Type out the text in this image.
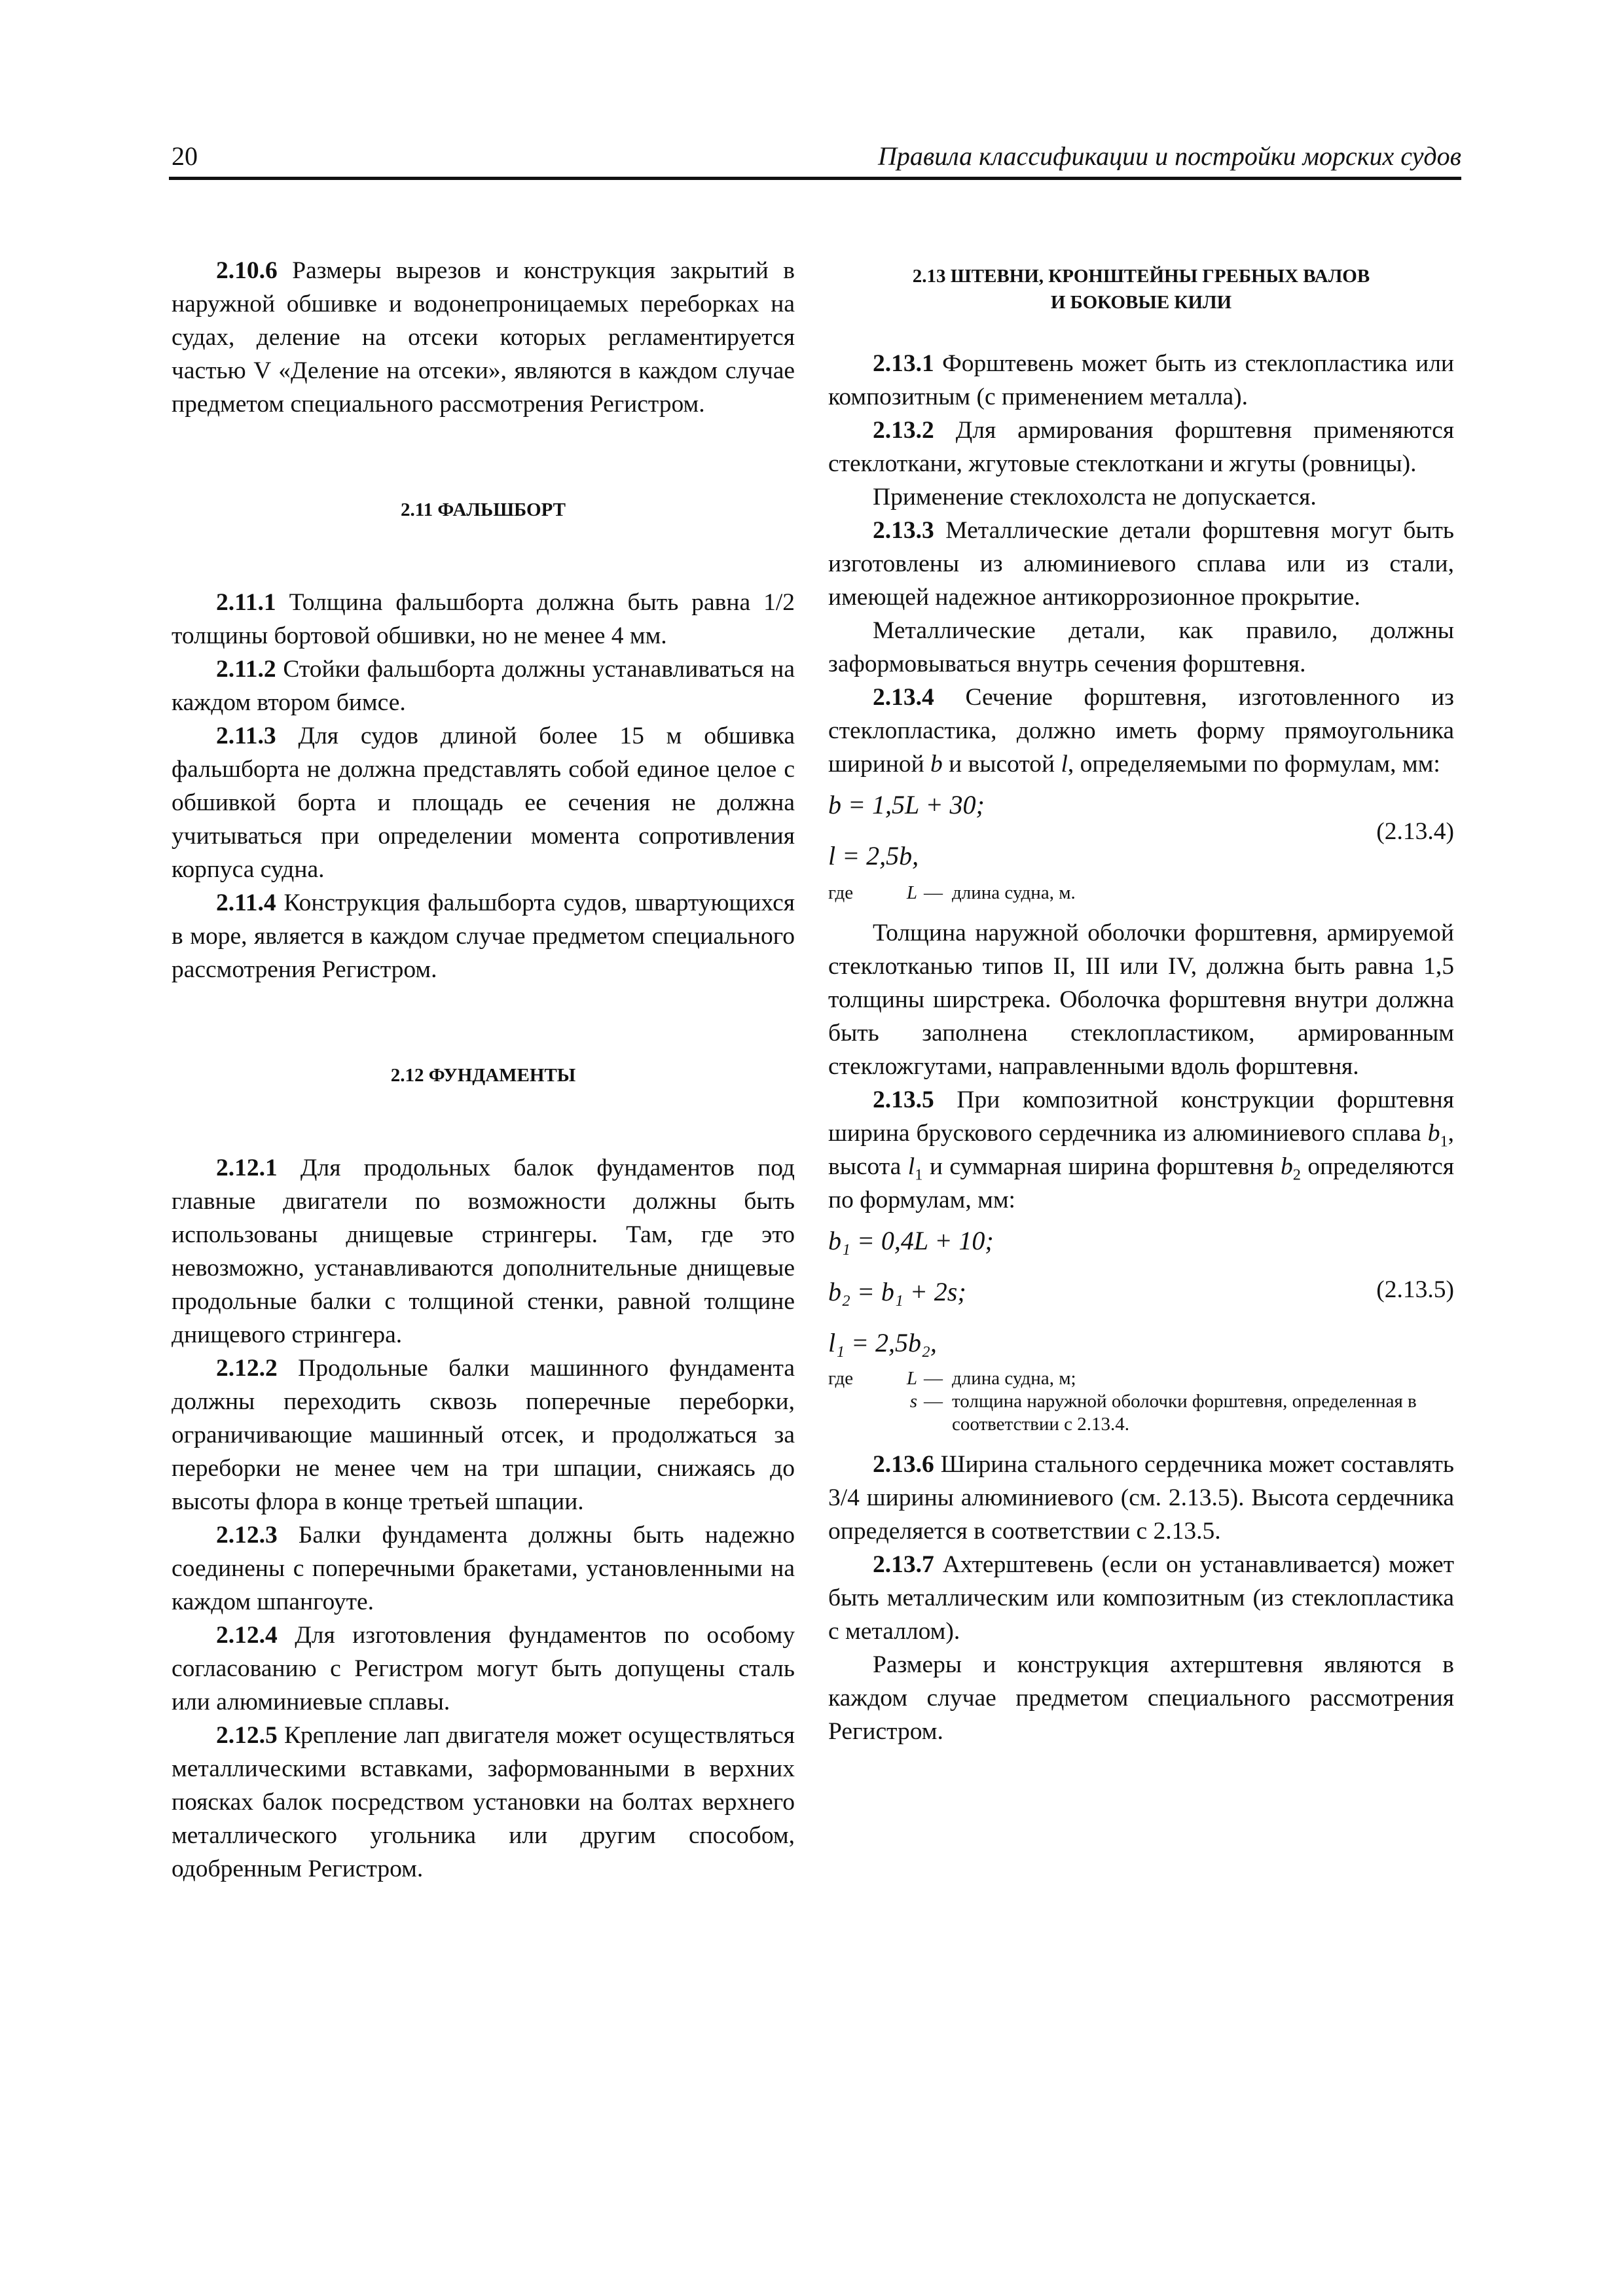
20	Правила классификации и постройки морских судов

2.10.6 Размеры вырезов и конструкция закрытий в наружной обшивке и водонепроницаемых переборках на судах, деление на отсеки которых регламентируется частью V «Деление на отсеки», являются в каждом случае предметом специального рассмотрения Регистром.

2.11 ФАЛЬШБОРТ

2.11.1 Толщина фальшборта должна быть равна 1/2 толщины бортовой обшивки, но не менее 4 мм.

2.11.2 Стойки фальшборта должны устанавливаться на каждом втором бимсе.

2.11.3 Для судов длиной более 15 м обшивка фальшборта не должна представлять собой единое целое с обшивкой борта и площадь ее сечения не должна учитываться при определении момента сопротивления корпуса судна.

2.11.4 Конструкция фальшборта судов, швартующихся в море, является в каждом случае предметом специального рассмотрения Регистром.

2.12 ФУНДАМЕНТЫ

2.12.1 Для продольных балок фундаментов под главные двигатели по возможности должны быть использованы днищевые стрингеры. Там, где это невозможно, устанавливаются дополнительные днищевые продольные балки с толщиной стенки, равной толщине днищевого стрингера.

2.12.2 Продольные балки машинного фундамента должны переходить сквозь поперечные переборки, ограничивающие машинный отсек, и продолжаться за переборки не менее чем на три шпации, снижаясь до высоты флора в конце третьей шпации.

2.12.3 Балки фундамента должны быть надежно соединены с поперечными бракетами, установленными на каждом шпангоуте.

2.12.4 Для изготовления фундаментов по особому согласованию с Регистром могут быть допущены сталь или алюминиевые сплавы.

2.12.5 Крепление лап двигателя может осуществляться металлическими вставками, заформованными в верхних поясках балок посредством установки на болтах верхнего металлического угольника или другим способом, одобренным Регистром.

2.13 ШТЕВНИ, КРОНШТЕЙНЫ ГРЕБНЫХ ВАЛОВ
И БОКОВЫЕ КИЛИ

2.13.1 Форштевень может быть из стеклопластика или композитным (с применением металла).

2.13.2 Для армирования форштевня применяются стеклоткани, жгутовые стеклоткани и жгуты (ровницы).

Применение стеклохолста не допускается.

2.13.3 Металлические детали форштевня могут быть изготовлены из алюминиевого сплава или из стали, имеющей надежное антикоррозионное прокрытие.

Металлические детали, как правило, должны заформовываться внутрь сечения форштевня.

2.13.4 Сечение форштевня, изготовленного из стеклопластика, должно иметь форму прямоугольника шириной b и высотой l, определяемыми по формулам, мм:

b = 1,5L + 30;

(2.13.4)

l = 2,5b,

где	L — длина судна, м.

Толщина наружной оболочки форштевня, армируемой стеклотканью типов II, III или IV, должна быть равна 1,5 толщины ширстрека. Оболочка форштевня внутри должна быть заполнена стеклопластиком, армированным стекложгутами, направленными вдоль форштевня.

2.13.5 При композитной конструкции форштевня ширина брускового сердечника из алюминиевого сплава $b_1$, высота $l_1$ и суммарная ширина форштевня $b_2$ определяются по формулам, мм:

b₁ = 0,4L + 10;

b₂ = b₁ + 2s;	(2.13.5)

l₁ = 2,5b₂,

где	L — длина судна, м;
s — толщина наружной оболочки форштевня, определенная в соответствии с 2.13.4.

2.13.6 Ширина стального сердечника может составлять 3/4 ширины алюминиевого (см. 2.13.5). Высота сердечника определяется в соответствии с 2.13.5.

2.13.7 Ахтерштевень (если он устанавливается) может быть металлическим или композитным (из стеклопластика с металлом).

Размеры и конструкция ахтерштевня являются в каждом случае предметом специального рассмотрения Регистром.
